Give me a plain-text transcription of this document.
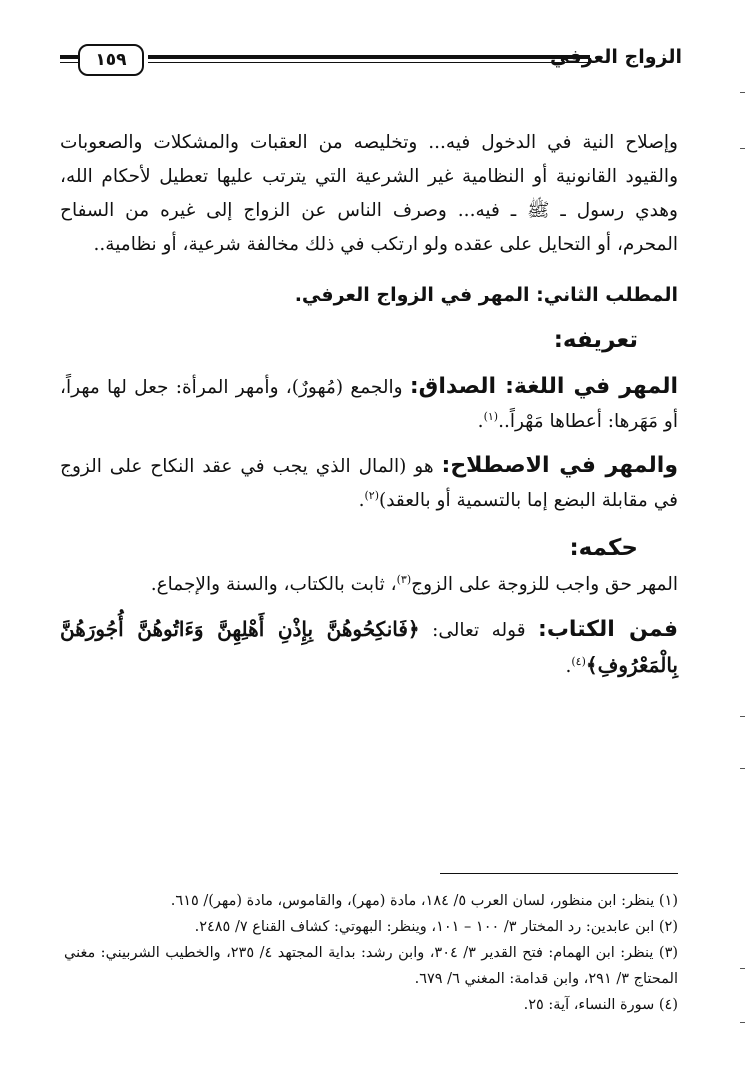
الزواج العرفي
١٥٩

وإصلاح النية في الدخول فيه... وتخليصه من العقبات والمشكلات والصعوبات والقيود القانونية أو النظامية غير الشرعية التي يترتب عليها تعطيل لأحكام الله، وهدي رسول ـ ﷺ ـ فيه... وصرف الناس عن الزواج إلى غيره من السفاح المحرم، أو التحايل على عقده ولو ارتكب في ذلك مخالفة شرعية، أو نظامية..

المطلب الثاني: المهر في الزواج العرفي.
تعريفه:

المهر في اللغة: الصداق: والجمع (مُهورٌ)، وأمهر المرأة: جعل لها مهراً، أو مَهَرها: أعطاها مَهْراً..$^{(١)}$.

والمهر في الاصطلاح: هو (المال الذي يجب في عقد النكاح على الزوج في مقابلة البضع إما بالتسمية أو بالعقد)$^{(٢)}$.

حكمه:

المهر حق واجب للزوجة على الزوج$^{(٣)}$، ثابت بالكتاب، والسنة والإجماع.

فمن الكتاب: قوله تعالى: ﴿فَانكِحُوهُنَّ بِإِذْنِ أَهْلِهِنَّ وَءَاتُوهُنَّ أُجُورَهُنَّ بِالْمَعْرُوفِ﴾$^{(٤)}$.

(١) ينظر: ابن منظور، لسان العرب ٥/ ١٨٤، مادة (مهر)، والقاموس، مادة (مهر)/ ٦١٥.

(٢) ابن عابدين: رد المختار ٣/ ١٠٠ – ١٠١، وينظر: البهوتي: كشاف القناع ٧/ ٢٤٨٥.

(٣) ينظر: ابن الهمام: فتح القدير ٣/ ٣٠٤، وابن رشد: بداية المجتهد ٤/ ٢٣٥، والخطيب الشربيني: مغني المحتاج ٣/ ٢٩١، وابن قدامة: المغني ٦/ ٦٧٩.

(٤) سورة النساء، آية: ٢٥.
